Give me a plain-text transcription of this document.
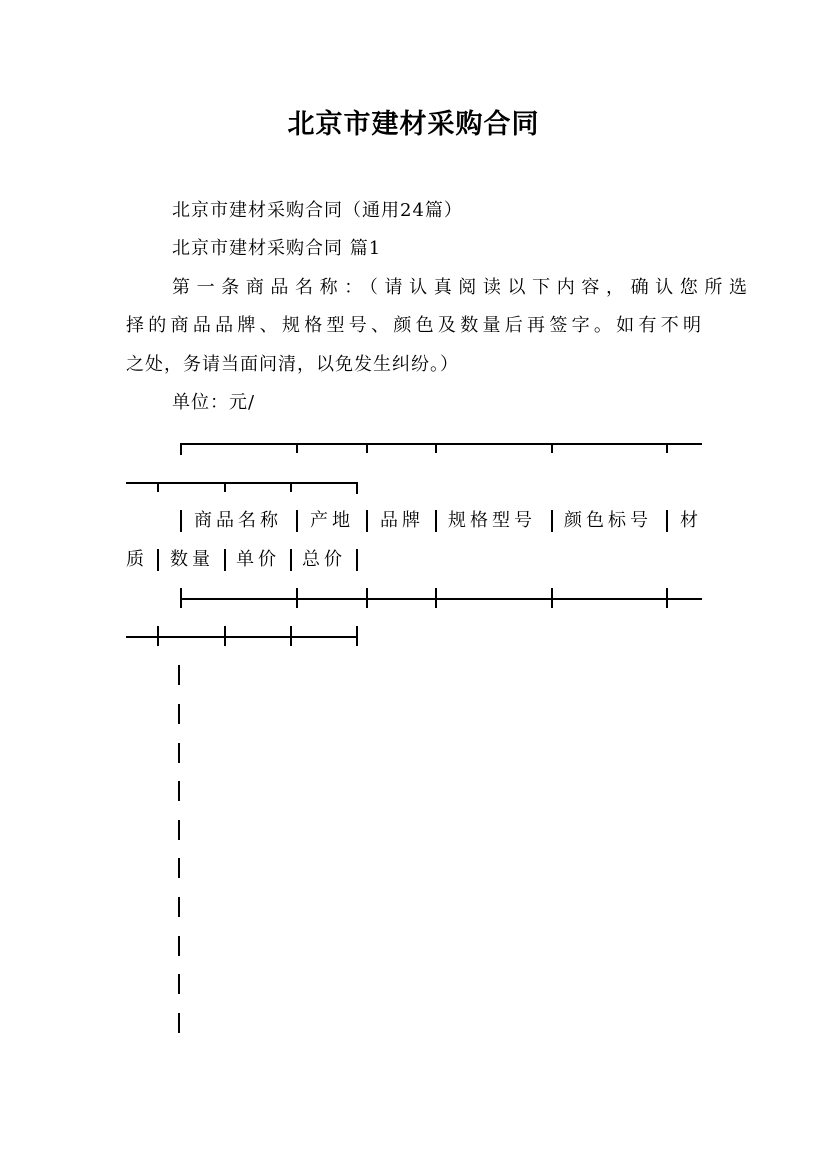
北京市建材采购合同
北京市建材采购合同（通用24篇）
北京市建材采购合同 篇1
第一条商品名称：（请认真阅读以下内容，确认您所选
择的商品品牌、规格型号、颜色及数量后再签字。如有不明
之处，务请当面问清，以免发生纠纷。）
单位：元/
商品名称 产地 品牌 规格型号 颜色标号 材
质 数量 单价 总价
